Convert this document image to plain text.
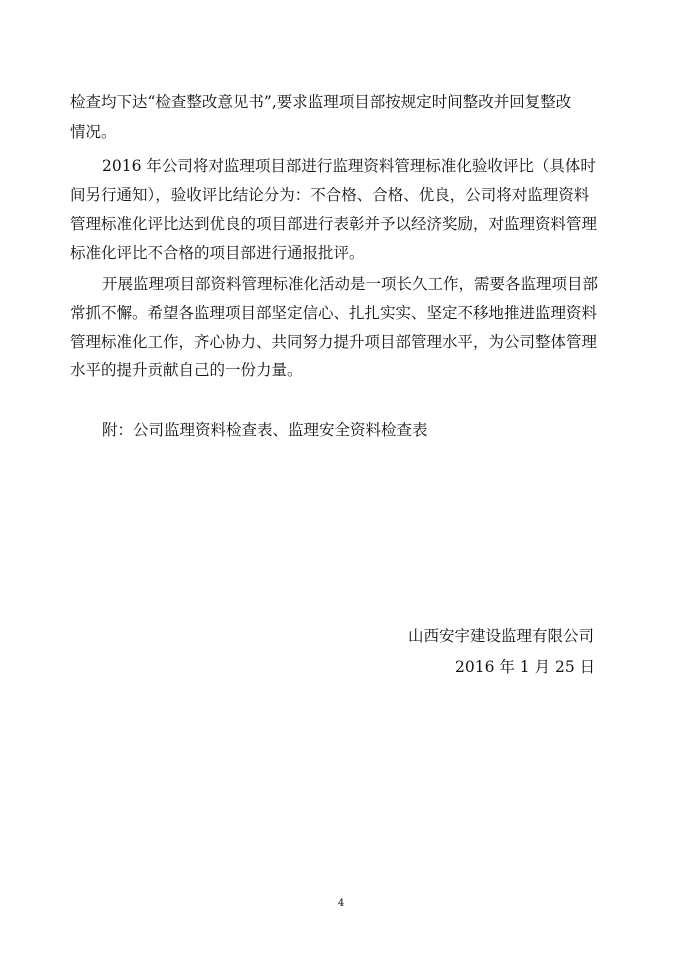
检查均下达“检查整改意见书”,要求监理项目部按规定时间整改并回复整改
情况。
2016 年公司将对监理项目部进行监理资料管理标准化验收评比（具体时
间另行通知），验收评比结论分为：不合格、合格、优良，公司将对监理资料
管理标准化评比达到优良的项目部进行表彰并予以经济奖励，对监理资料管理
标准化评比不合格的项目部进行通报批评。
开展监理项目部资料管理标准化活动是一项长久工作，需要各监理项目部
常抓不懈。希望各监理项目部坚定信心、扎扎实实、坚定不移地推进监理资料
管理标准化工作，齐心协力、共同努力提升项目部管理水平，为公司整体管理
水平的提升贡献自己的一份力量。
附：公司监理资料检查表、监理安全资料检查表
山西安宇建设监理有限公司
2016 年 1 月 25 日
4
